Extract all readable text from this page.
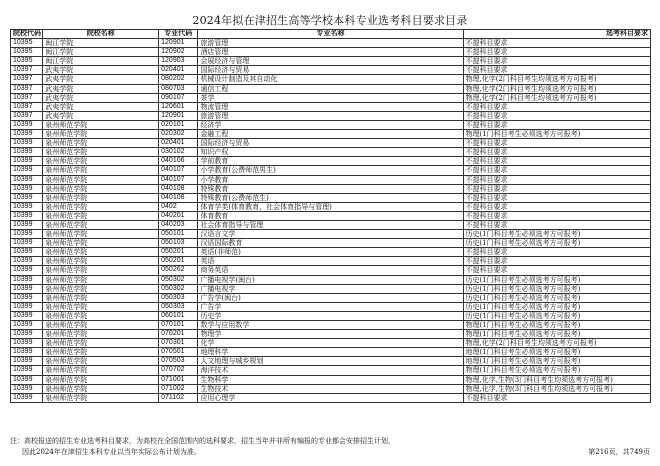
2024年拟在津招生高等学校本科专业选考科目要求目录
院校代码	院校名称	专业代码	专业名称	选考科目要求
10395	闽江学院	120901	旅游管理	不提科目要求
10395	闽江学院	120902	酒店管理	不提科目要求
10395	闽江学院	120903	会展经济与管理	不提科目要求
10397	武夷学院	020401	国际经济与贸易	不提科目要求
10397	武夷学院	080202	机械设计制造及其自动化	物理,化学(2门科目考生均须选考方可报考)
10397	武夷学院	080703	通信工程	物理,化学(2门科目考生均须选考方可报考)
10397	武夷学院	090107	茶学	物理,化学(2门科目考生均须选考方可报考)
10397	武夷学院	120601	物流管理	不提科目要求
10397	武夷学院	120901	旅游管理	不提科目要求
10399	泉州师范学院	020101	经济学	不提科目要求
10399	泉州师范学院	020302	金融工程	物理(1门科目考生必须选考方可报考)
10399	泉州师范学院	020401	国际经济与贸易	不提科目要求
10399	泉州师范学院	030102	知识产权	不提科目要求
10399	泉州师范学院	040106	学前教育	不提科目要求
10399	泉州师范学院	040107	小学教育(公费师范男生)	不提科目要求
10399	泉州师范学院	040107	小学教育	不提科目要求
10399	泉州师范学院	040108	特殊教育	不提科目要求
10399	泉州师范学院	040108	特殊教育(公费师范生)	不提科目要求
10399	泉州师范学院	0402	体育学类(体育教育，社会体育指导与管理)	不提科目要求
10399	泉州师范学院	040201	体育教育	不提科目要求
10399	泉州师范学院	040203	社会体育指导与管理	不提科目要求
10399	泉州师范学院	050101	汉语言文学	历史(1门科目考生必须选考方可报考)
10399	泉州师范学院	050103	汉语国际教育	历史(1门科目考生必须选考方可报考)
10399	泉州师范学院	050201	英语(非师范)	不提科目要求
10399	泉州师范学院	050201	英语	不提科目要求
10399	泉州师范学院	050262	商务英语	不提科目要求
10399	泉州师范学院	050302	广播电视学(闽台)	历史(1门科目考生必须选考方可报考)
10399	泉州师范学院	050302	广播电视学	历史(1门科目考生必须选考方可报考)
10399	泉州师范学院	050303	广告学(闽台)	历史(1门科目考生必须选考方可报考)
10399	泉州师范学院	050303	广告学	历史(1门科目考生必须选考方可报考)
10399	泉州师范学院	060101	历史学	历史(1门科目考生必须选考方可报考)
10399	泉州师范学院	070101	数学与应用数学	物理(1门科目考生必须选考方可报考)
10399	泉州师范学院	070201	物理学	物理(1门科目考生必须选考方可报考)
10399	泉州师范学院	070301	化学	物理,化学(2门科目考生均须选考方可报考)
10399	泉州师范学院	070501	地理科学	地理(1门科目考生必须选考方可报考)
10399	泉州师范学院	070503	人文地理与城乡规划	地理(1门科目考生必须选考方可报考)
10399	泉州师范学院	070702	海洋技术	物理(1门科目考生必须选考方可报考)
10399	泉州师范学院	071001	生物科学	物理,化学,生物(3门科目考生均须选考方可报考)
10399	泉州师范学院	071002	生物技术	物理,化学,生物(3门科目考生均须选考方可报考)
10399	泉州师范学院	071102	应用心理学	不提科目要求
注：高校报送的招生专业选考科目要求，为高校在全国范围内的选科要求，招生当年并非所有编报的专业都会安排招生计划，
因此2024年在津招生本科专业以当年实际公布计划为准。	第216页，共749页
